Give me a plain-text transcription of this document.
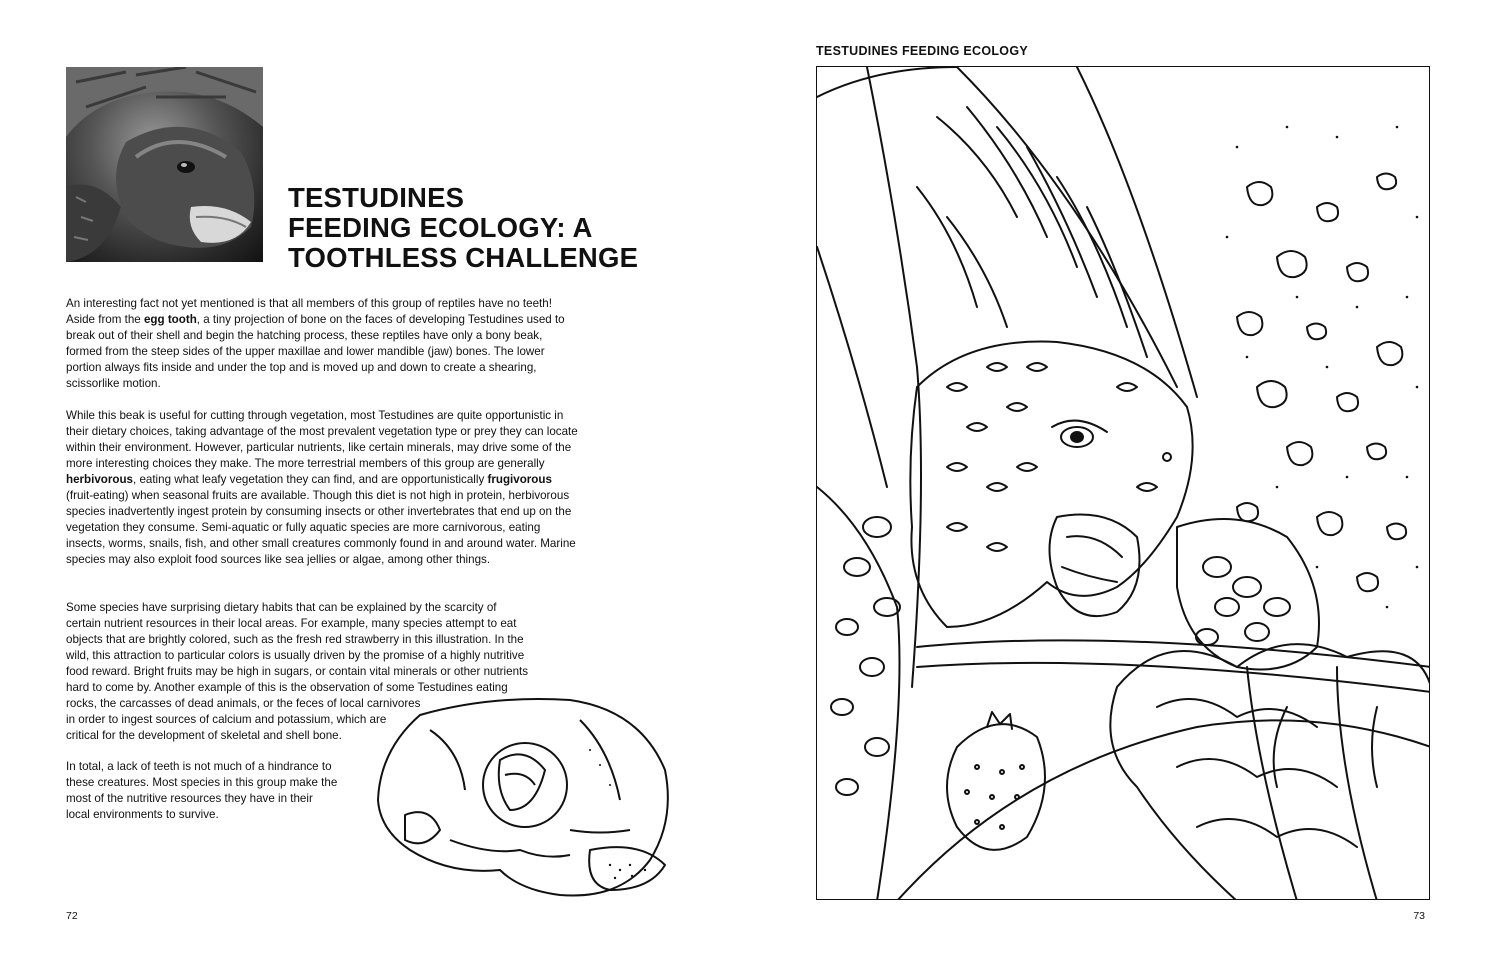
TESTUDINES
FEEDING ECOLOGY: A
TOOTHLESS CHALLENGE

An interesting fact not yet mentioned is that all members of this group of reptiles have no teeth! Aside from the egg tooth, a tiny projection of bone on the faces of developing Testudines used to break out of their shell and begin the hatching process, these reptiles have only a bony beak, formed from the steep sides of the upper maxillae and lower mandible (jaw) bones. The lower portion always fits inside and under the top and is moved up and down to create a shearing, scissorlike motion.

While this beak is useful for cutting through vegetation, most Testudines are quite opportunistic in their dietary choices, taking advantage of the most prevalent vegetation type or prey they can locate within their environment. However, particular nutrients, like certain minerals, may drive some of the more interesting choices they make. The more terrestrial members of this group are generally herbivorous, eating what leafy vegetation they can find, and are opportunistically frugivorous (fruit-eating) when seasonal fruits are available. Though this diet is not high in protein, herbivorous species inadvertently ingest protein by consuming insects or other invertebrates that end up on the vegetation they consume. Semi-aquatic or fully aquatic species are more carnivorous, eating insects, worms, snails, fish, and other small creatures commonly found in and around water. Marine species may also exploit food sources like sea jellies or algae, among other things.

Some species have surprising dietary habits that can be explained by the scarcity of
certain nutrient resources in their local areas. For example, many species attempt to eat
objects that are brightly colored, such as the fresh red strawberry in this illustration. In the
wild, this attraction to particular colors is usually driven by the promise of a highly nutritive
food reward. Bright fruits may be high in sugars, or contain vital minerals or other nutrients
hard to come by. Another example of this is the observation of some Testudines eating
rocks, the carcasses of dead animals, or the feces of local carnivores
in order to ingest sources of calcium and potassium, which are
critical for the development of skeletal and shell bone.
In total, a lack of teeth is not much of a hindrance to
these creatures. Most species in this group make the
most of the nutritive resources they have in their
local environments to survive.
72
TESTUDINES FEEDING ECOLOGY
73
